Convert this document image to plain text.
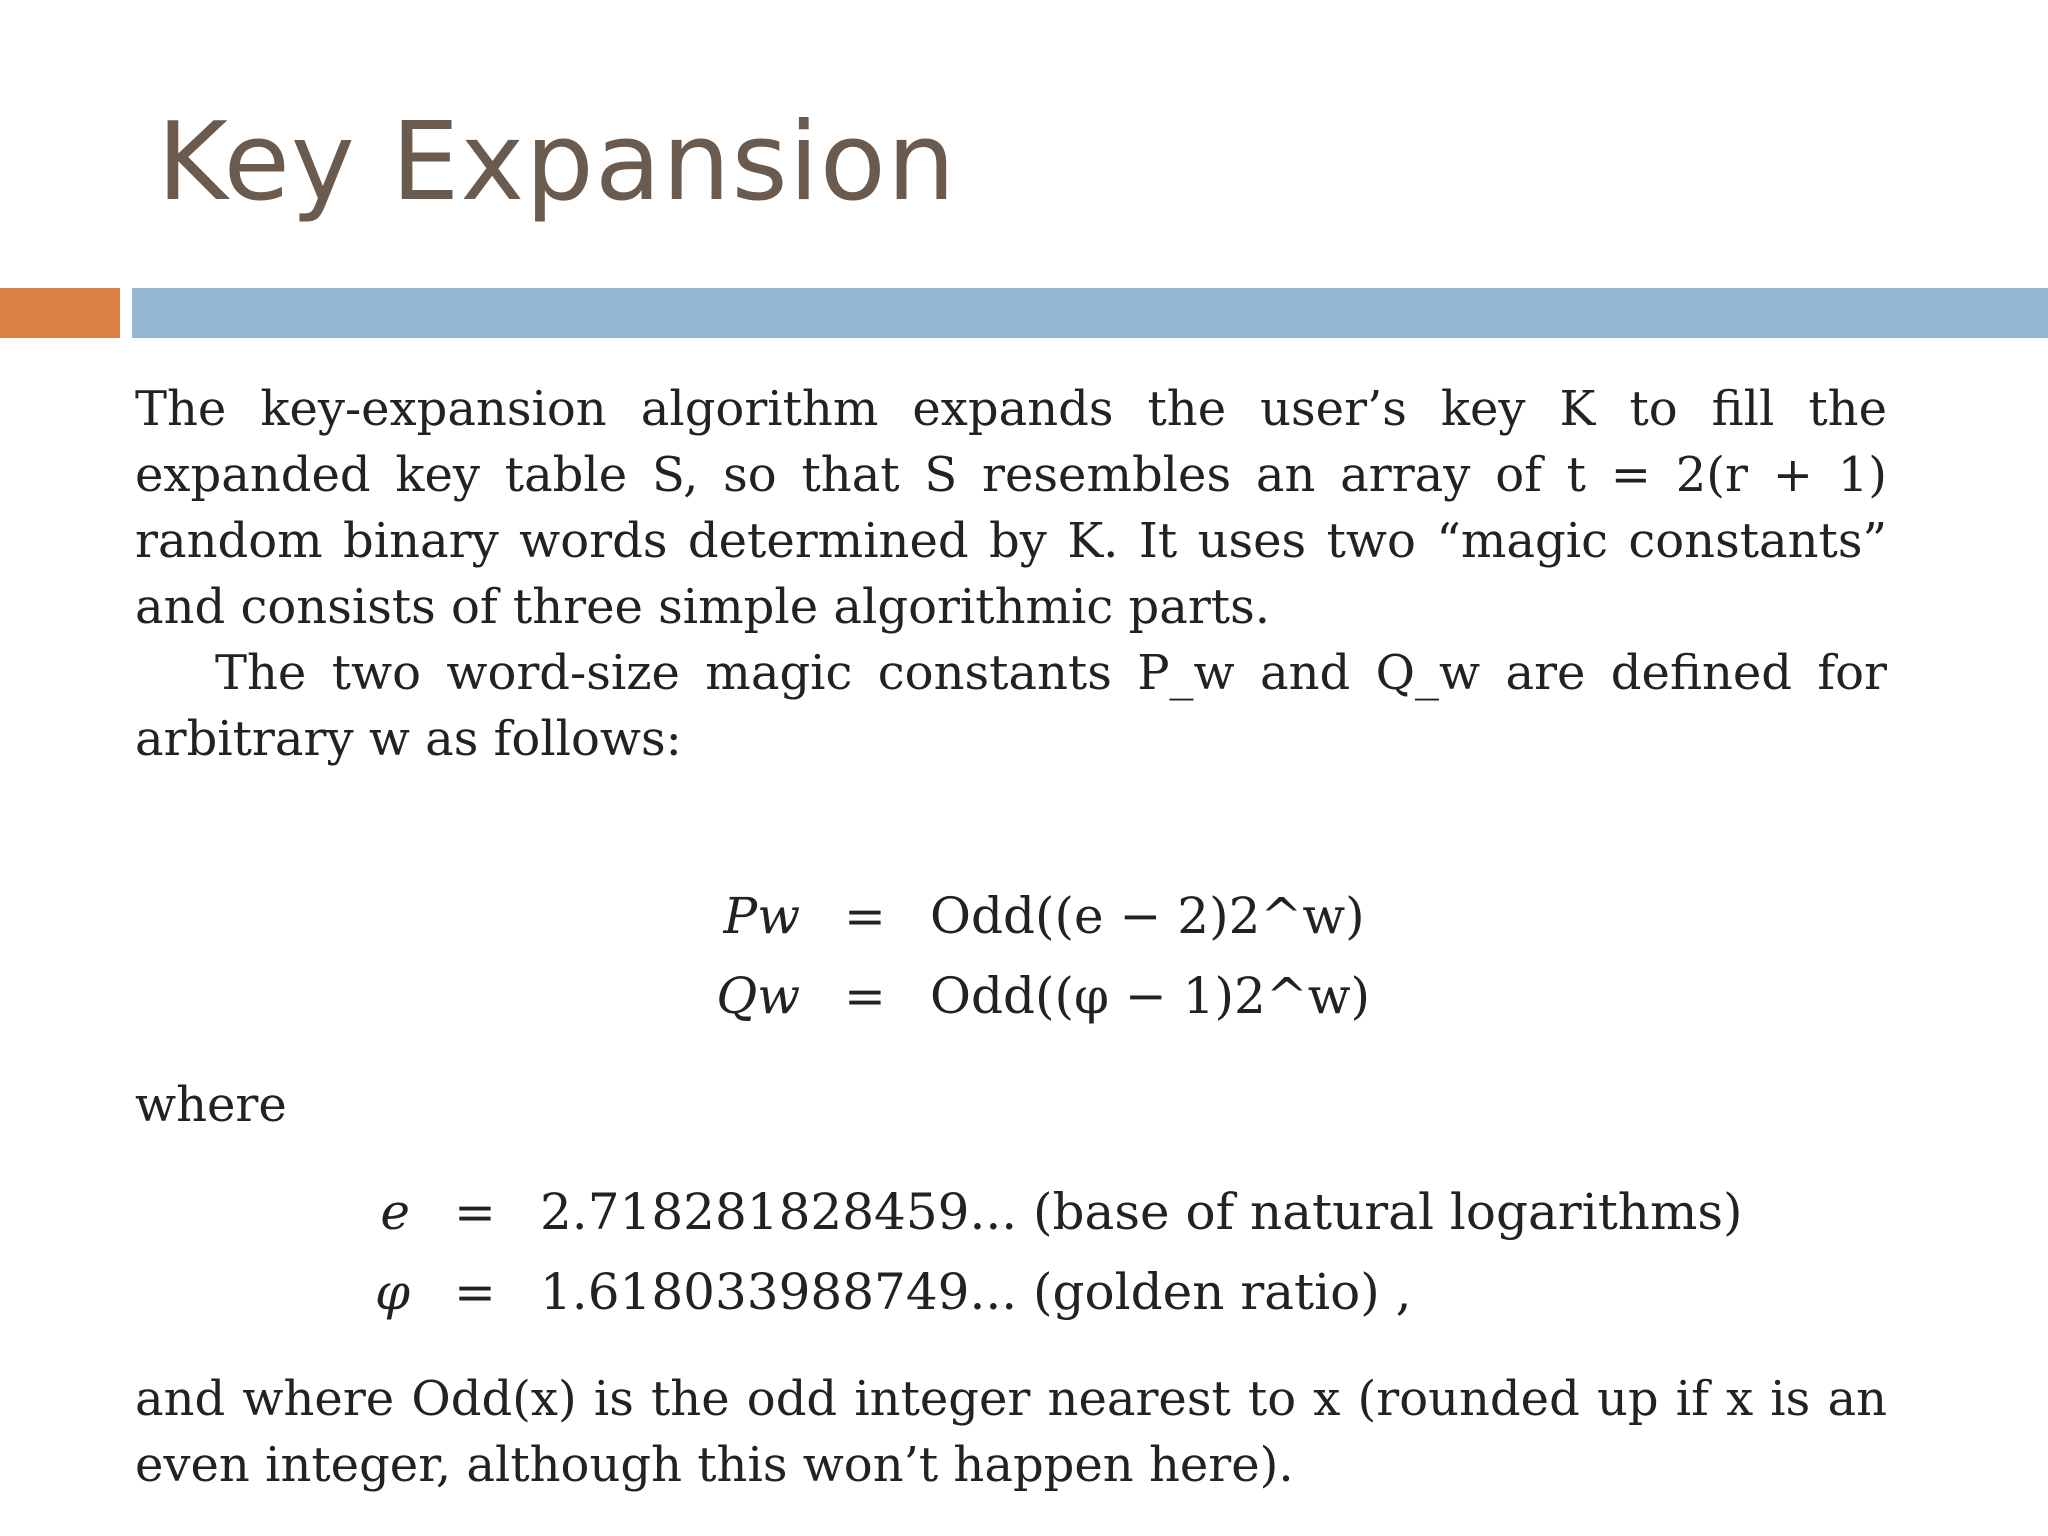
Key Expansion

The key-expansion algorithm expands the user’s key K to fill the expanded key table S, so that S resembles an array of t = 2(r + 1) random binary words determined by K. It uses two “magic constants” and consists of three simple algorithmic parts.

The two word-size magic constants P_w and Q_w are defined for arbitrary w as follows:

Pw = Odd((e − 2)2^w)
Qw = Odd((φ − 1)2^w)

where

e = 2.718281828459... (base of natural logarithms)
φ = 1.618033988749... (golden ratio) ,

and where Odd(x) is the odd integer nearest to x (rounded up if x is an even integer, although this won’t happen here).
